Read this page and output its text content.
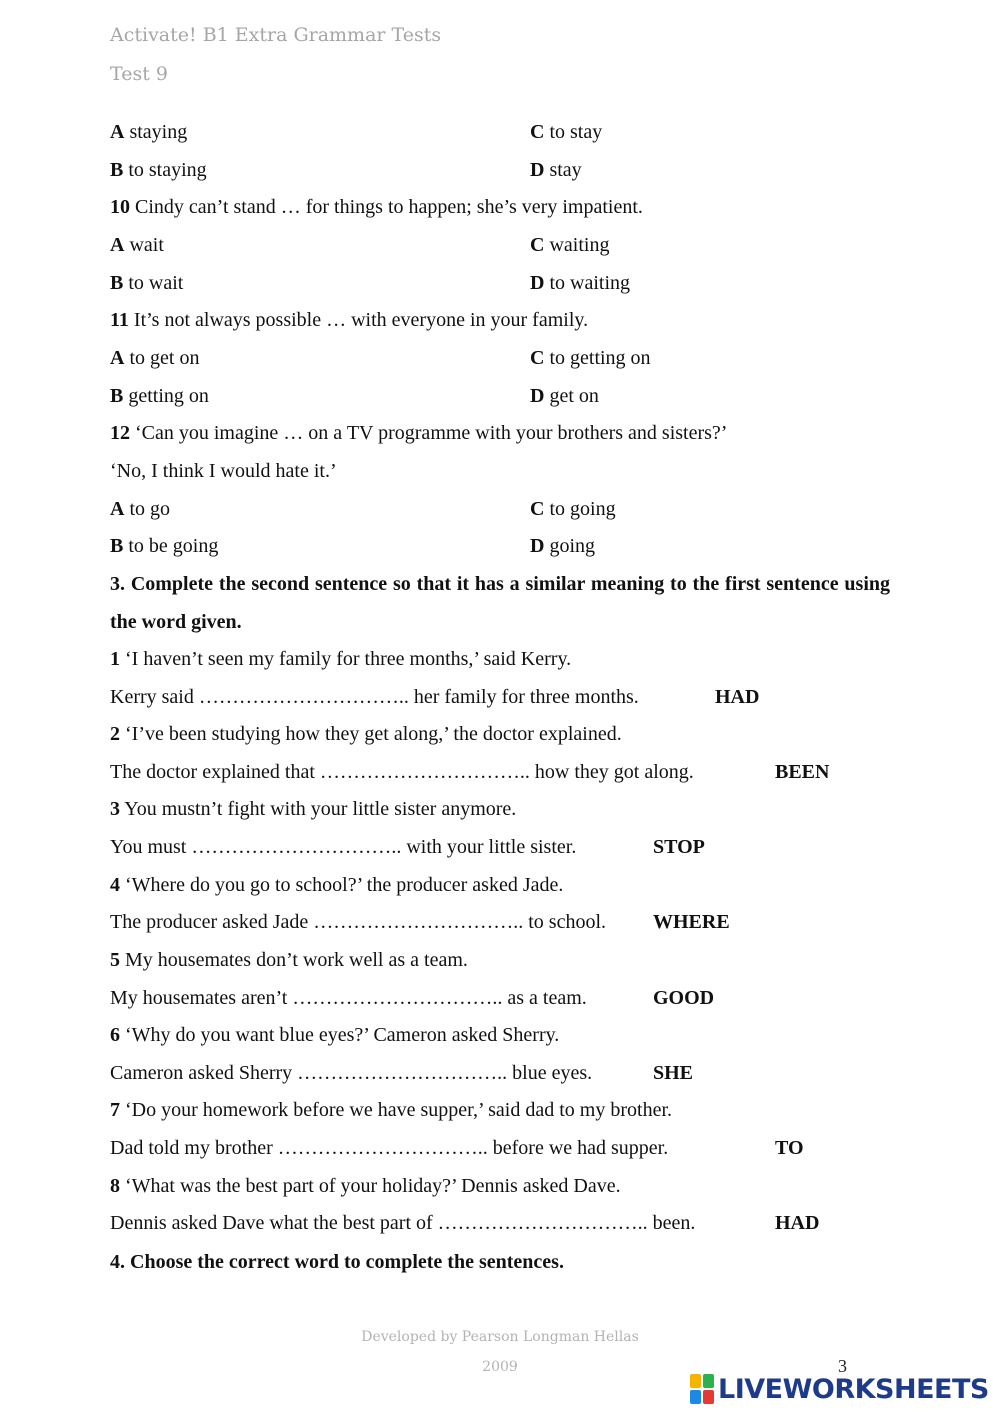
Activate! B1 Extra Grammar Tests
Test 9
A staying	C to stay
B to staying	D stay
10 Cindy can’t stand … for things to happen; she’s very impatient.
A wait	C waiting
B to wait	D to waiting
11 It’s not always possible … with everyone in your family.
A to get on	C to getting on
B getting on	D get on
12 ‘Can you imagine … on a TV programme with your brothers and sisters?’
‘No, I think I would hate it.’
A to go	C to going
B to be going	D going
3. Complete the second sentence so that it has a similar meaning to the first sentence using the word given.
1 ‘I haven’t seen my family for three months,’ said Kerry.
Kerry said ………………………….. her family for three months.	HAD
2 ‘I’ve been studying how they get along,’ the doctor explained.
The doctor explained that ………………………….. how they got along.	BEEN
3 You mustn’t fight with your little sister anymore.
You must ………………………….. with your little sister.	STOP
4 ‘Where do you go to school?’ the producer asked Jade.
The producer asked Jade ………………………….. to school. WHERE
5 My housemates don’t work well as a team.
My housemates aren’t ………………………….. as a team.	GOOD
6 ‘Why do you want blue eyes?’ Cameron asked Sherry.
Cameron asked Sherry ………………………….. blue eyes.	SHE
7 ‘Do your homework before we have supper,’ said dad to my brother.
Dad told my brother ………………………….. before we had supper.	TO
8 ‘What was the best part of your holiday?’ Dennis asked Dave.
Dennis asked Dave what the best part of ………………………….. been.	HAD
4. Choose the correct word to complete the sentences.
Developed by Pearson Longman Hellas
2009	3
LIVEWORKSHEETS
